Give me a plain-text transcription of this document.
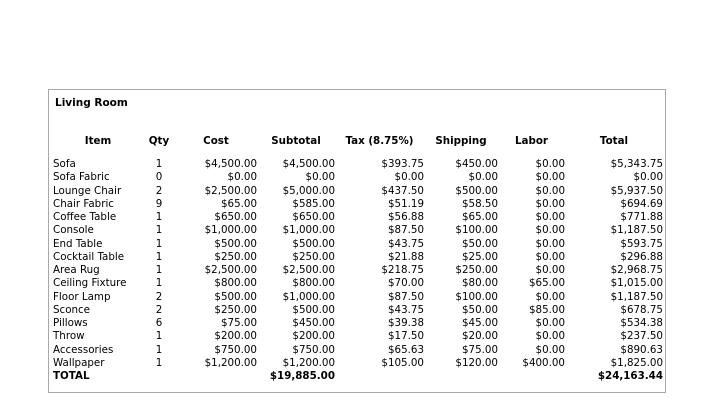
Living Room
Item	Qty	Cost	Subtotal	Tax (8.75%)	Shipping	Labor	Total

Sofa	1	$4,500.00	$4,500.00	$393.75	$450.00	$0.00	$5,343.75
Sofa Fabric	0	$0.00	$0.00	$0.00	$0.00	$0.00	$0.00
Lounge Chair	2	$2,500.00	$5,000.00	$437.50	$500.00	$0.00	$5,937.50
Chair Fabric	9	$65.00	$585.00	$51.19	$58.50	$0.00	$694.69
Coffee Table	1	$650.00	$650.00	$56.88	$65.00	$0.00	$771.88
Console	1	$1,000.00	$1,000.00	$87.50	$100.00	$0.00	$1,187.50
End Table	1	$500.00	$500.00	$43.75	$50.00	$0.00	$593.75
Cocktail Table	1	$250.00	$250.00	$21.88	$25.00	$0.00	$296.88
Area Rug	1	$2,500.00	$2,500.00	$218.75	$250.00	$0.00	$2,968.75
Ceiling Fixture	1	$800.00	$800.00	$70.00	$80.00	$65.00	$1,015.00
Floor Lamp	2	$500.00	$1,000.00	$87.50	$100.00	$0.00	$1,187.50
Sconce	2	$250.00	$500.00	$43.75	$50.00	$85.00	$678.75
Pillows	6	$75.00	$450.00	$39.38	$45.00	$0.00	$534.38
Throw	1	$200.00	$200.00	$17.50	$20.00	$0.00	$237.50
Accessories	1	$750.00	$750.00	$65.63	$75.00	$0.00	$890.63
Wallpaper	1	$1,200.00	$1,200.00	$105.00	$120.00	$400.00	$1,825.00
TOTAL			$19,885.00				$24,163.44
